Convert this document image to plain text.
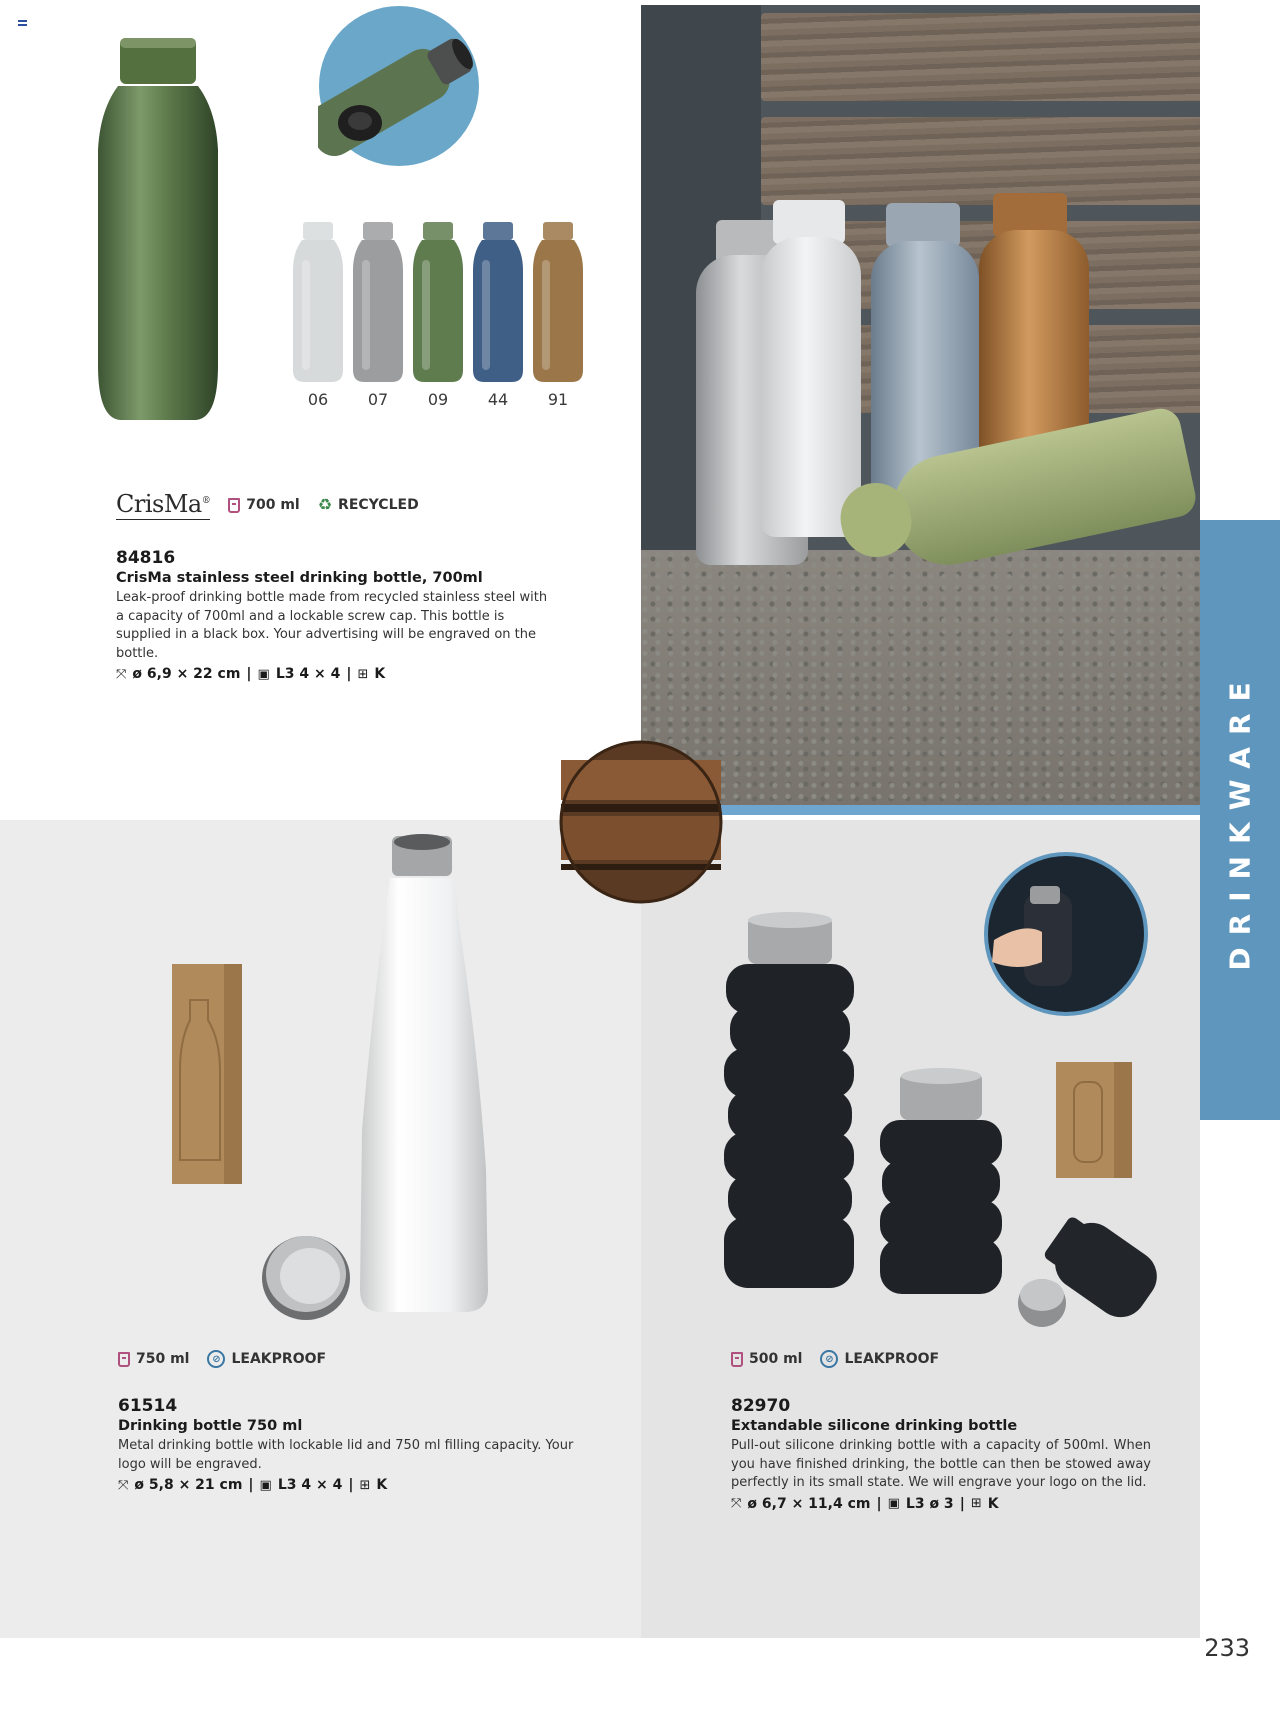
06	07	09	44	91
CrisMa®	700 ml ♻ RECYCLED
84816
CrisMa stainless steel drinking bottle, 700ml
Leak-proof drinking bottle made from recycled stainless steel with a capacity of 700ml and a lockable screw cap. This bottle is supplied in a black box. Your advertising will be engraved on the bottle.
⤧ ø 6,9 × 22 cm | ▣ L3 4 × 4 | ⊞ K	DRINKWARE
750 ml	⊘ LEAKPROOF
61514
Drinking bottle 750 ml
Metal drinking bottle with lockable lid and 750 ml filling capacity. Your logo will be engraved.
⤧ ø 5,8 × 21 cm | ▣ L3 4 × 4 | ⊞ K
500 ml	⊘ LEAKPROOF
82970
Extandable silicone drinking bottle
Pull-out silicone drinking bottle with a capacity of 500ml. When you have finished drinking, the bottle can then be stowed away perfectly in its small state. We will engrave your logo on the lid.
⤧ ø 6,7 × 11,4 cm | ▣ L3 ø 3 | ⊞ K
233
